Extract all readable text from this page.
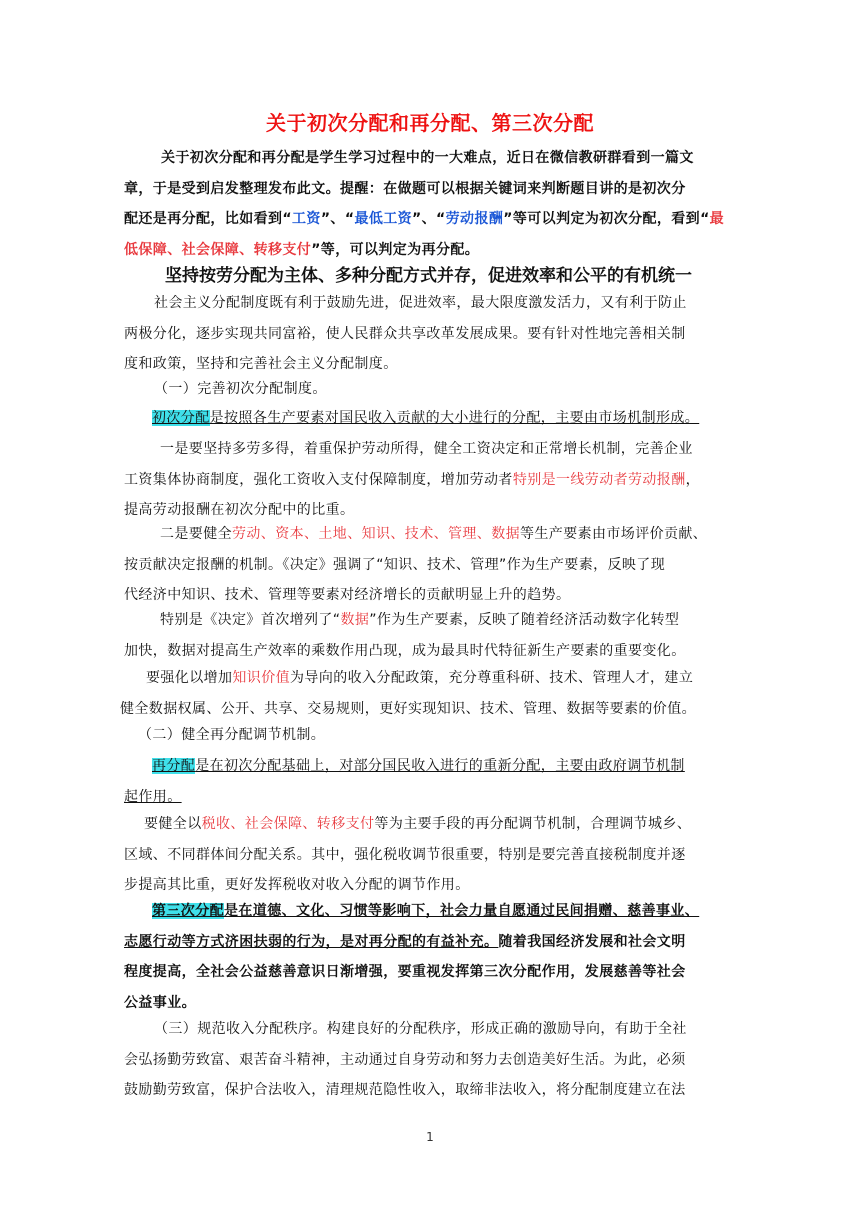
关于初次分配和再分配、第三次分配
关于初次分配和再分配是学生学习过程中的一大难点，近日在微信教研群看到一篇文
章，于是受到启发整理发布此文。提醒：在做题可以根据关键词来判断题目讲的是初次分
配还是再分配，比如看到“工资”、“最低工资”、“劳动报酬”等可以判定为初次分配，看到“最
低保障、社会保障、转移支付”等，可以判定为再分配。
坚持按劳分配为主体、多种分配方式并存，促进效率和公平的有机统一
社会主义分配制度既有利于鼓励先进，促进效率，最大限度激发活力，又有利于防止
两极分化，逐步实现共同富裕，使人民群众共享改革发展成果。要有针对性地完善相关制
度和政策，坚持和完善社会主义分配制度。
（一）完善初次分配制度。
初次分配是按照各生产要素对国民收入贡献的大小进行的分配，主要由市场机制形成。
一是要坚持多劳多得，着重保护劳动所得，健全工资决定和正常增长机制，完善企业
工资集体协商制度，强化工资收入支付保障制度，增加劳动者特别是一线劳动者劳动报酬，
提高劳动报酬在初次分配中的比重。
二是要健全劳动、资本、土地、知识、技术、管理、数据等生产要素由市场评价贡献、
按贡献决定报酬的机制。《决定》强调了“知识、技术、管理”作为生产要素，反映了现
代经济中知识、技术、管理等要素对经济增长的贡献明显上升的趋势。
特别是《决定》首次增列了“数据”作为生产要素，反映了随着经济活动数字化转型
加快，数据对提高生产效率的乘数作用凸现，成为最具时代特征新生产要素的重要变化。
要强化以增加知识价值为导向的收入分配政策，充分尊重科研、技术、管理人才，建立
健全数据权属、公开、共享、交易规则，更好实现知识、技术、管理、数据等要素的价值。
（二）健全再分配调节机制。
再分配是在初次分配基础上，对部分国民收入进行的重新分配，主要由政府调节机制
起作用。
要健全以税收、社会保障、转移支付等为主要手段的再分配调节机制，合理调节城乡、
区域、不同群体间分配关系。其中，强化税收调节很重要，特别是要完善直接税制度并逐
步提高其比重，更好发挥税收对收入分配的调节作用。
第三次分配是在道德、文化、习惯等影响下，社会力量自愿通过民间捐赠、慈善事业、
志愿行动等方式济困扶弱的行为，是对再分配的有益补充。随着我国经济发展和社会文明
程度提高，全社会公益慈善意识日渐增强，要重视发挥第三次分配作用，发展慈善等社会
公益事业。
（三）规范收入分配秩序。构建良好的分配秩序，形成正确的激励导向，有助于全社
会弘扬勤劳致富、艰苦奋斗精神，主动通过自身劳动和努力去创造美好生活。为此，必须
鼓励勤劳致富，保护合法收入，清理规范隐性收入，取缔非法收入，将分配制度建立在法
1
